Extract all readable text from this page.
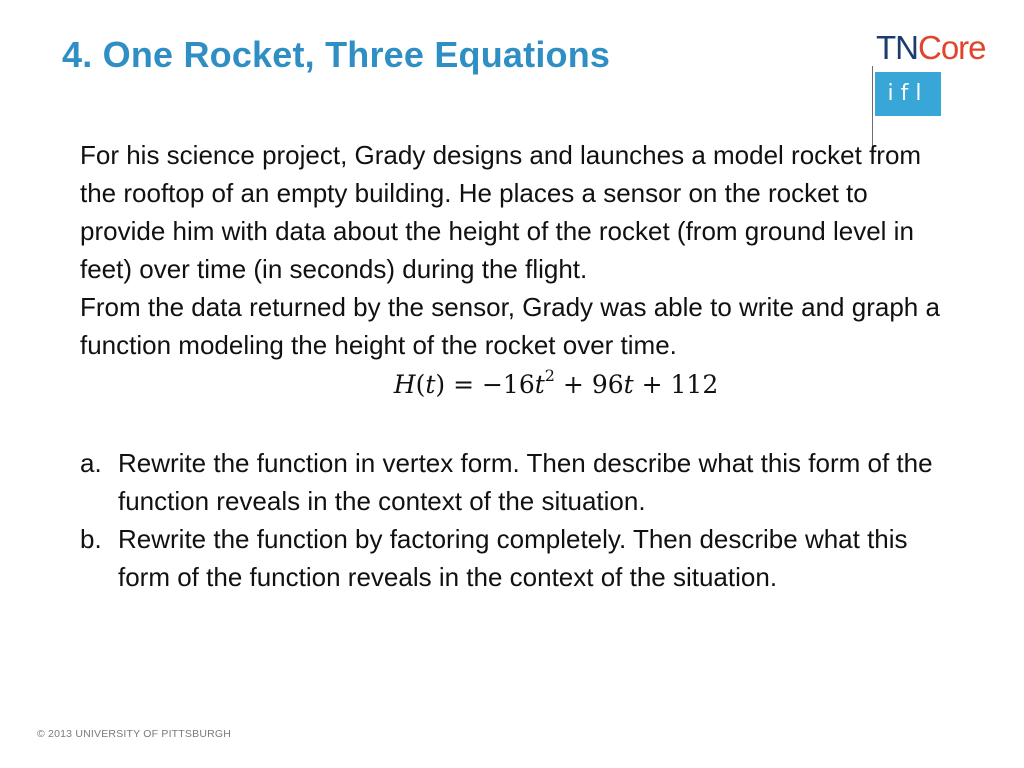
4. One Rocket, Three Equations	TNCore
ifl

For his science project, Grady designs and launches a model rocket from the rooftop of an empty building. He places a sensor on the rocket to provide him with data about the height of the rocket (from ground level in feet) over time (in seconds) during the flight.

From the data returned by the sensor, Grady was able to write and graph a function modeling the height of the rocket over time.

$H(t) = -16t^2 + 96t + 112$
a. Rewrite the function in vertex form. Then describe what this form of the function reveals in the context of the situation.
b. Rewrite the function by factoring completely. Then describe what this form of the function reveals in the context of the situation.
© 2013 UNIVERSITY OF PITTSBURGH
